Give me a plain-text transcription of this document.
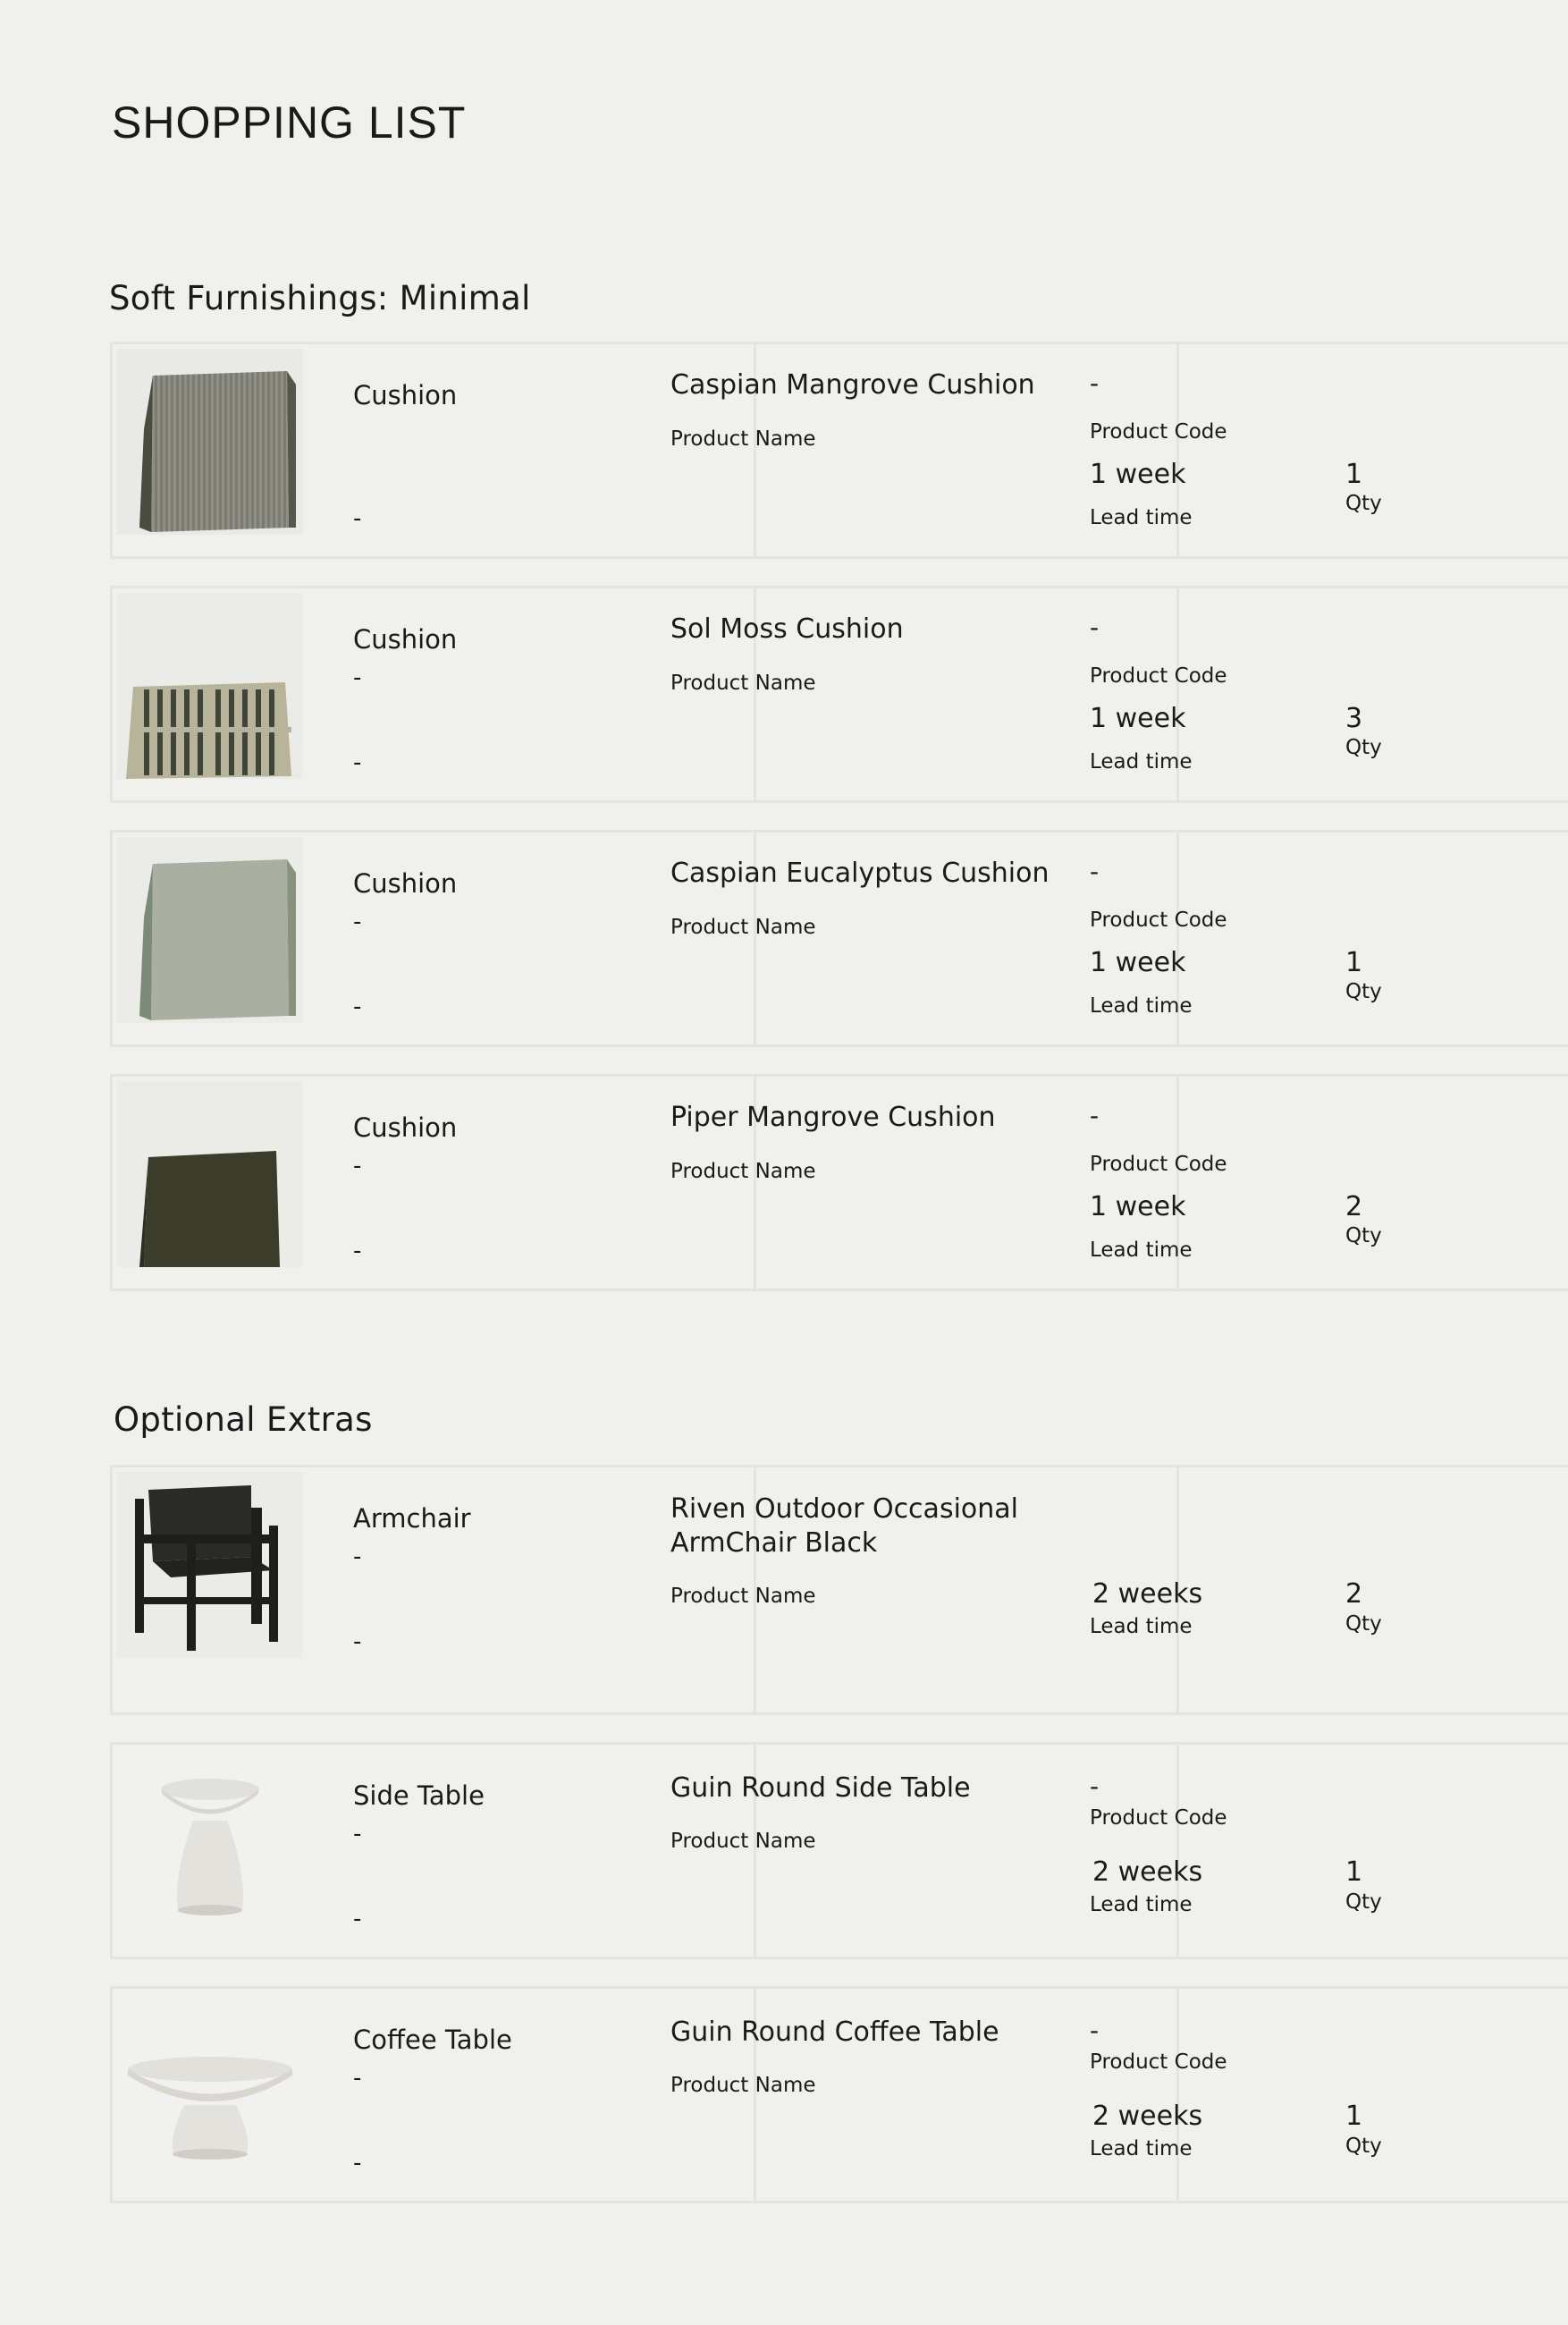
SHOPPING LIST
Soft Furnishings: Minimal
Cushion
-
Caspian Mangrove Cushion
Product Name
-
Product Code
1 week
Lead time
1
Qty
Cushion
-
-
Sol Moss Cushion
Product Name
-
Product Code
1 week
Lead time
3
Qty
Cushion
-
-
Caspian Eucalyptus Cushion
Product Name
-
Product Code
1 week
Lead time
1
Qty
Cushion
-
-
Piper Mangrove Cushion
Product Name
-
Product Code
1 week
Lead time
2
Qty
Optional Extras
Armchair
-
-
Riven Outdoor Occasional ArmChair Black
Product Name	2 weeks
Lead time
2
Qty
Side Table
-
-
Guin Round Side Table
Product Name
-
Product Code
2 weeks
Lead time
1
Qty
Coffee Table
-
-
Guin Round Coffee Table
Product Name
-
Product Code
2 weeks
Lead time
1
Qty
